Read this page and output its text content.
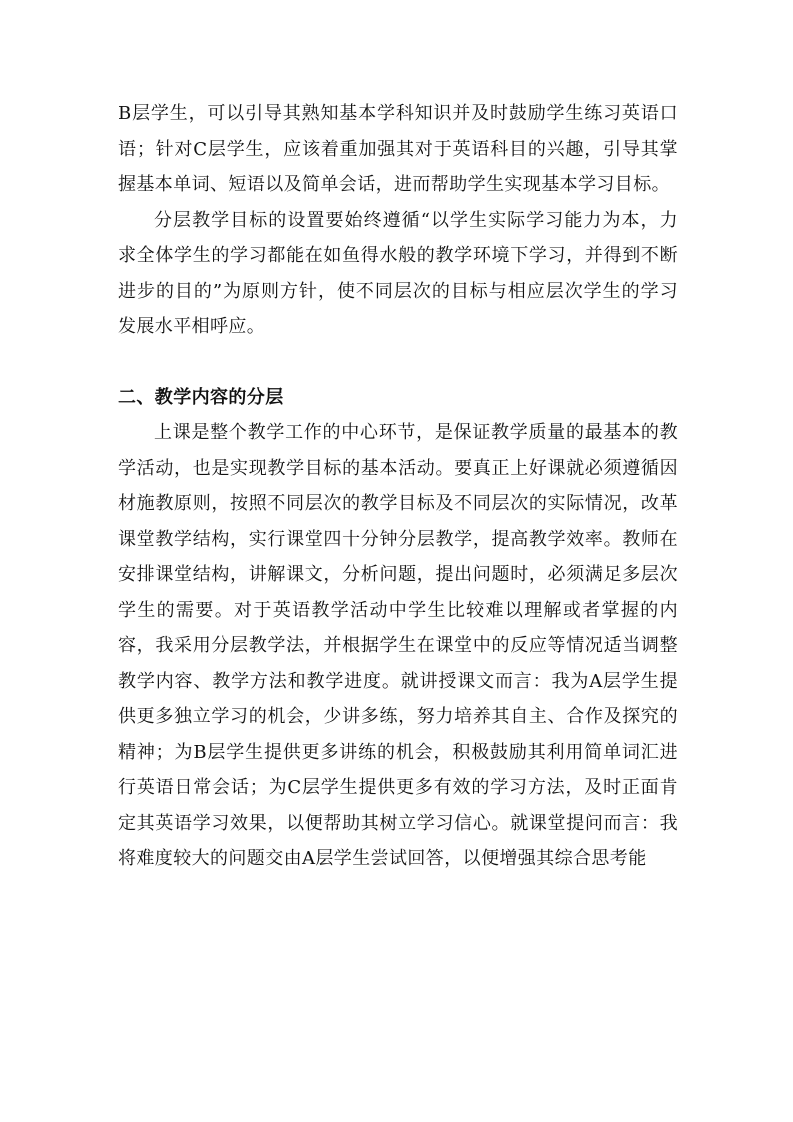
B层学生，可以引导其熟知基本学科知识并及时鼓励学生练习英语口语；针对C层学生，应该着重加强其对于英语科目的兴趣，引导其掌握基本单词、短语以及简单会话，进而帮助学生实现基本学习目标。

分层教学目标的设置要始终遵循“以学生实际学习能力为本，力求全体学生的学习都能在如鱼得水般的教学环境下学习，并得到不断进步的目的”为原则方针，使不同层次的目标与相应层次学生的学习发展水平相呼应。

二、教学内容的分层

上课是整个教学工作的中心环节，是保证教学质量的最基本的教学活动，也是实现教学目标的基本活动。要真正上好课就必须遵循因材施教原则，按照不同层次的教学目标及不同层次的实际情况，改革课堂教学结构，实行课堂四十分钟分层教学，提高教学效率。教师在安排课堂结构，讲解课文，分析问题，提出问题时，必须满足多层次学生的需要。对于英语教学活动中学生比较难以理解或者掌握的内容，我采用分层教学法，并根据学生在课堂中的反应等情况适当调整教学内容、教学方法和教学进度。就讲授课文而言：我为A层学生提供更多独立学习的机会，少讲多练，努力培养其自主、合作及探究的精神；为B层学生提供更多讲练的机会，积极鼓励其利用简单词汇进行英语日常会话；为C层学生提供更多有效的学习方法，及时正面肯定其英语学习效果，以便帮助其树立学习信心。就课堂提问而言：我将难度较大的问题交由A层学生尝试回答，以便增强其综合思考能
